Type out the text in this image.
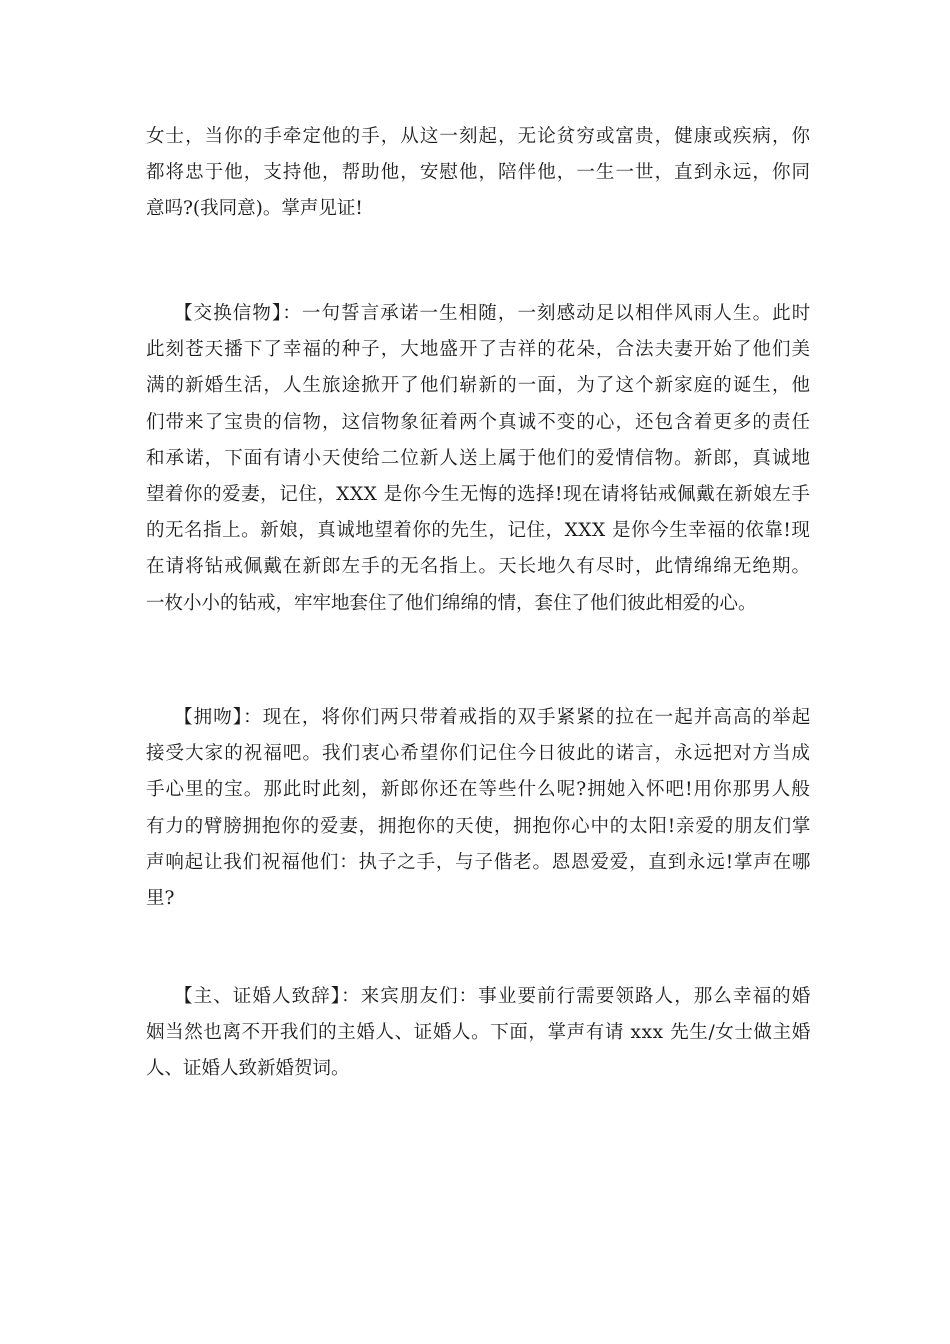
女士，当你的手牵定他的手，从这一刻起，无论贫穷或富贵，健康或疾病，你
都将忠于他，支持他，帮助他，安慰他，陪伴他，一生一世，直到永远，你同
意吗?(我同意)。掌声见证!
【交换信物】：一句誓言承诺一生相随，一刻感动足以相伴风雨人生。此时
此刻苍天播下了幸福的种子，大地盛开了吉祥的花朵，合法夫妻开始了他们美
满的新婚生活，人生旅途掀开了他们崭新的一面，为了这个新家庭的诞生，他
们带来了宝贵的信物，这信物象征着两个真诚不变的心，还包含着更多的责任
和承诺，下面有请小天使给二位新人送上属于他们的爱情信物。新郎，真诚地
望着你的爱妻，记住，XXX 是你今生无悔的选择!现在请将钻戒佩戴在新娘左手
的无名指上。新娘，真诚地望着你的先生，记住，XXX 是你今生幸福的依靠!现
在请将钻戒佩戴在新郎左手的无名指上。天长地久有尽时，此情绵绵无绝期。
一枚小小的钻戒，牢牢地套住了他们绵绵的情，套住了他们彼此相爱的心。
【拥吻】：现在，将你们两只带着戒指的双手紧紧的拉在一起并高高的举起
接受大家的祝福吧。我们衷心希望你们记住今日彼此的诺言，永远把对方当成
手心里的宝。那此时此刻，新郎你还在等些什么呢?拥她入怀吧!用你那男人般
有力的臂膀拥抱你的爱妻，拥抱你的天使，拥抱你心中的太阳!亲爱的朋友们掌
声响起让我们祝福他们：执子之手，与子偕老。恩恩爱爱，直到永远!掌声在哪
里?
【主、证婚人致辞】：来宾朋友们：事业要前行需要领路人，那么幸福的婚
姻当然也离不开我们的主婚人、证婚人。下面，掌声有请 xxx 先生/女士做主婚
人、证婚人致新婚贺词。
